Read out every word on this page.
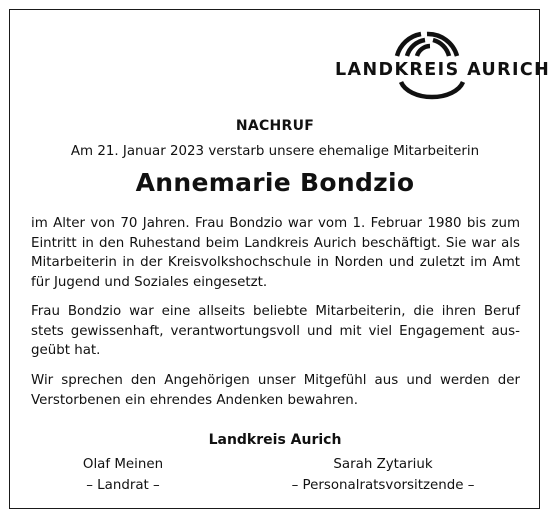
LANDKREIS AURICH
NACHRUF
Am 21. Januar 2023 verstarb unsere ehemalige Mitarbeiterin
Annemarie Bondzio
im Alter von 70 Jahren. Frau Bondzio war vom 1. Februar 1980 bis zum Eintritt in den Ruhestand beim Landkreis Aurich beschäftigt. Sie war als Mitarbeiterin in der Kreisvolkshochschule in Norden und zuletzt im Amt für Jugend und Soziales eingesetzt.
Frau Bondzio war eine allseits beliebte Mitarbeiterin, die ihren Beruf stets gewissenhaft, verantwortungsvoll und mit viel Engagement ausgeübt hat.
Wir sprechen den Angehörigen unser Mitgefühl aus und werden der Verstorbenen ein ehrendes Andenken bewahren.
Landkreis Aurich
Olaf Meinen
– Landrat –
Sarah Zytariuk
– Personalratsvorsitzende –
